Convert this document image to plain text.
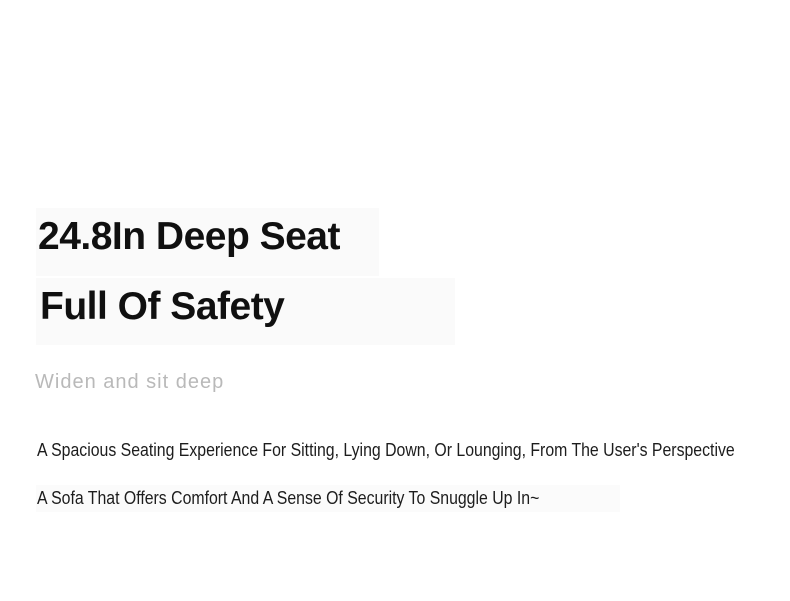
24.8In Deep Seat
Full Of Safety
Widen and sit deep
A Spacious Seating Experience For Sitting, Lying Down, Or Lounging, From The User's Perspective
A Sofa That Offers Comfort And A Sense Of Security To Snuggle Up In~
